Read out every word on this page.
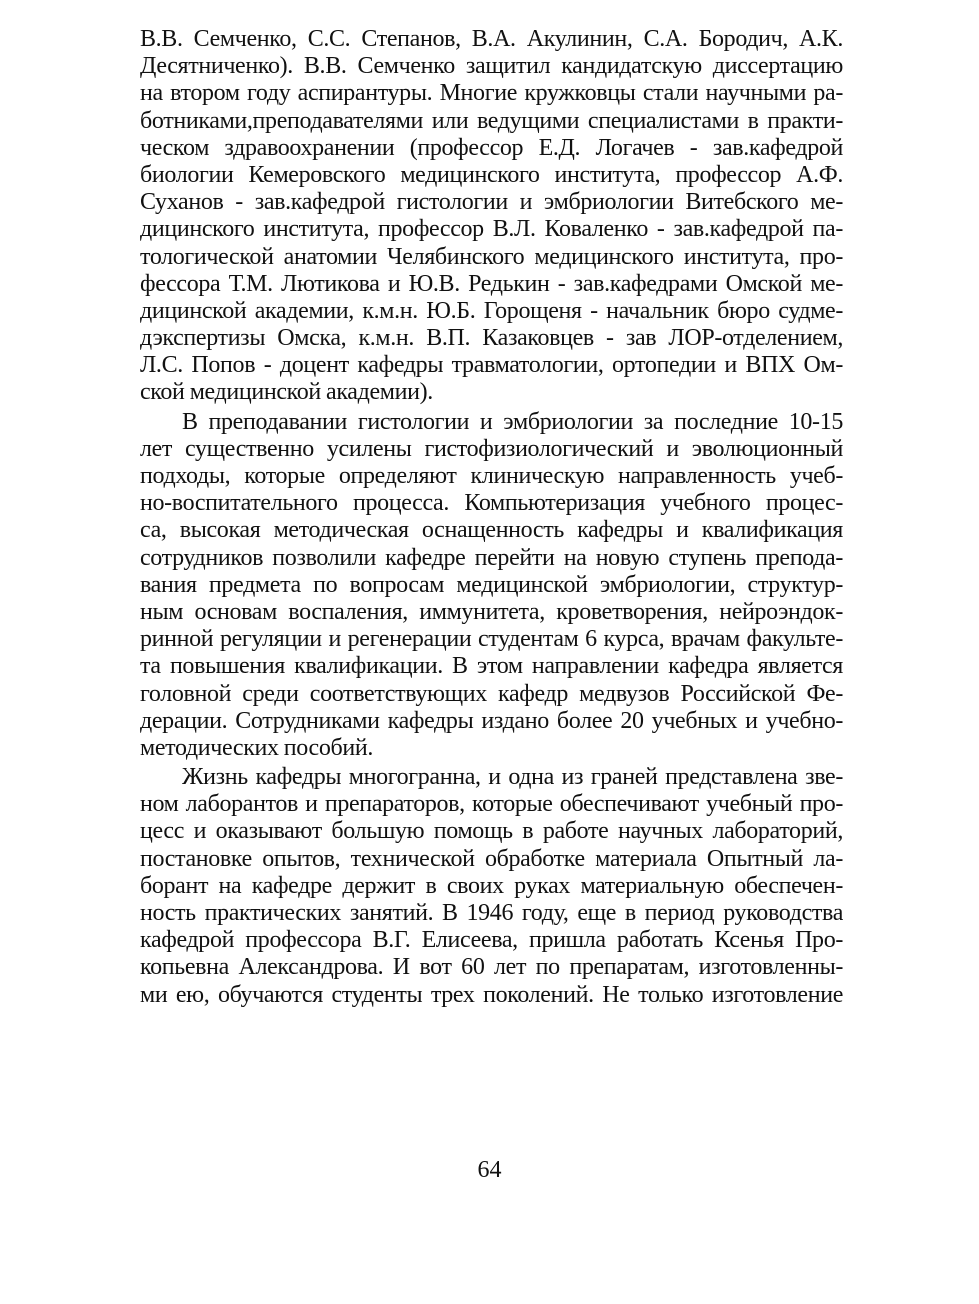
В.В. Семченко, С.С. Степанов, В.А. Акулинин, С.А. Бородич, А.К.
Десятниченко). В.В. Семченко защитил кандидатскую диссертацию
на втором году аспирантуры. Многие кружковцы стали научными ра-
ботниками,преподавателями или ведущими специалистами в практи-
ческом здравоохранении (профессор Е.Д. Логачев - зав.кафедрой
биологии Кемеровского медицинского института, профессор А.Ф.
Суханов - зав.кафедрой гистологии и эмбриологии Витебского ме-
дицинского института, профессор В.Л. Коваленко - зав.кафедрой па-
тологической анатомии Челябинского медицинского института, про-
фессора Т.М. Лютикова и Ю.В. Редькин - зав.кафедрами Омской ме-
дицинской академии, к.м.н. Ю.Б. Горощеня - начальник бюро судме-
дэкспертизы Омска, к.м.н. В.П. Казаковцев - зав ЛОР-отделением,
Л.С. Попов - доцент кафедры травматологии, ортопедии и ВПХ Ом-
ской медицинской академии).
В преподавании гистологии и эмбриологии за последние 10-15
лет существенно усилены гистофизиологический и эволюционный
подходы, которые определяют клиническую направленность учеб-
но-воспитательного процесса. Компьютеризация учебного процес-
са, высокая методическая оснащенность кафедры и квалификация
сотрудников позволили кафедре перейти на новую ступень препода-
вания предмета по вопросам медицинской эмбриологии, структур-
ным основам воспаления, иммунитета, кроветворения, нейроэндок-
ринной регуляции и регенерации студентам 6 курса, врачам факульте-
та повышения квалификации. В этом направлении кафедра является
головной среди соответствующих кафедр медвузов Российской Фе-
дерации. Сотрудниками кафедры издано более 20 учебных и учебно-
методических пособий.
Жизнь кафедры многогранна, и одна из граней представлена зве-
ном лаборантов и препараторов, которые обеспечивают учебный про-
цесс и оказывают большую помощь в работе научных лабораторий,
постановке опытов, технической обработке материала Опытный ла-
борант на кафедре держит в своих руках материальную обеспечен-
ность практических занятий. В 1946 году, еще в период руководства
кафедрой профессора В.Г. Елисеева, пришла работать Ксенья Про-
копьевна Александрова. И вот 60 лет по препаратам, изготовленны-
ми ею, обучаются студенты трех поколений. Не только изготовление
64
